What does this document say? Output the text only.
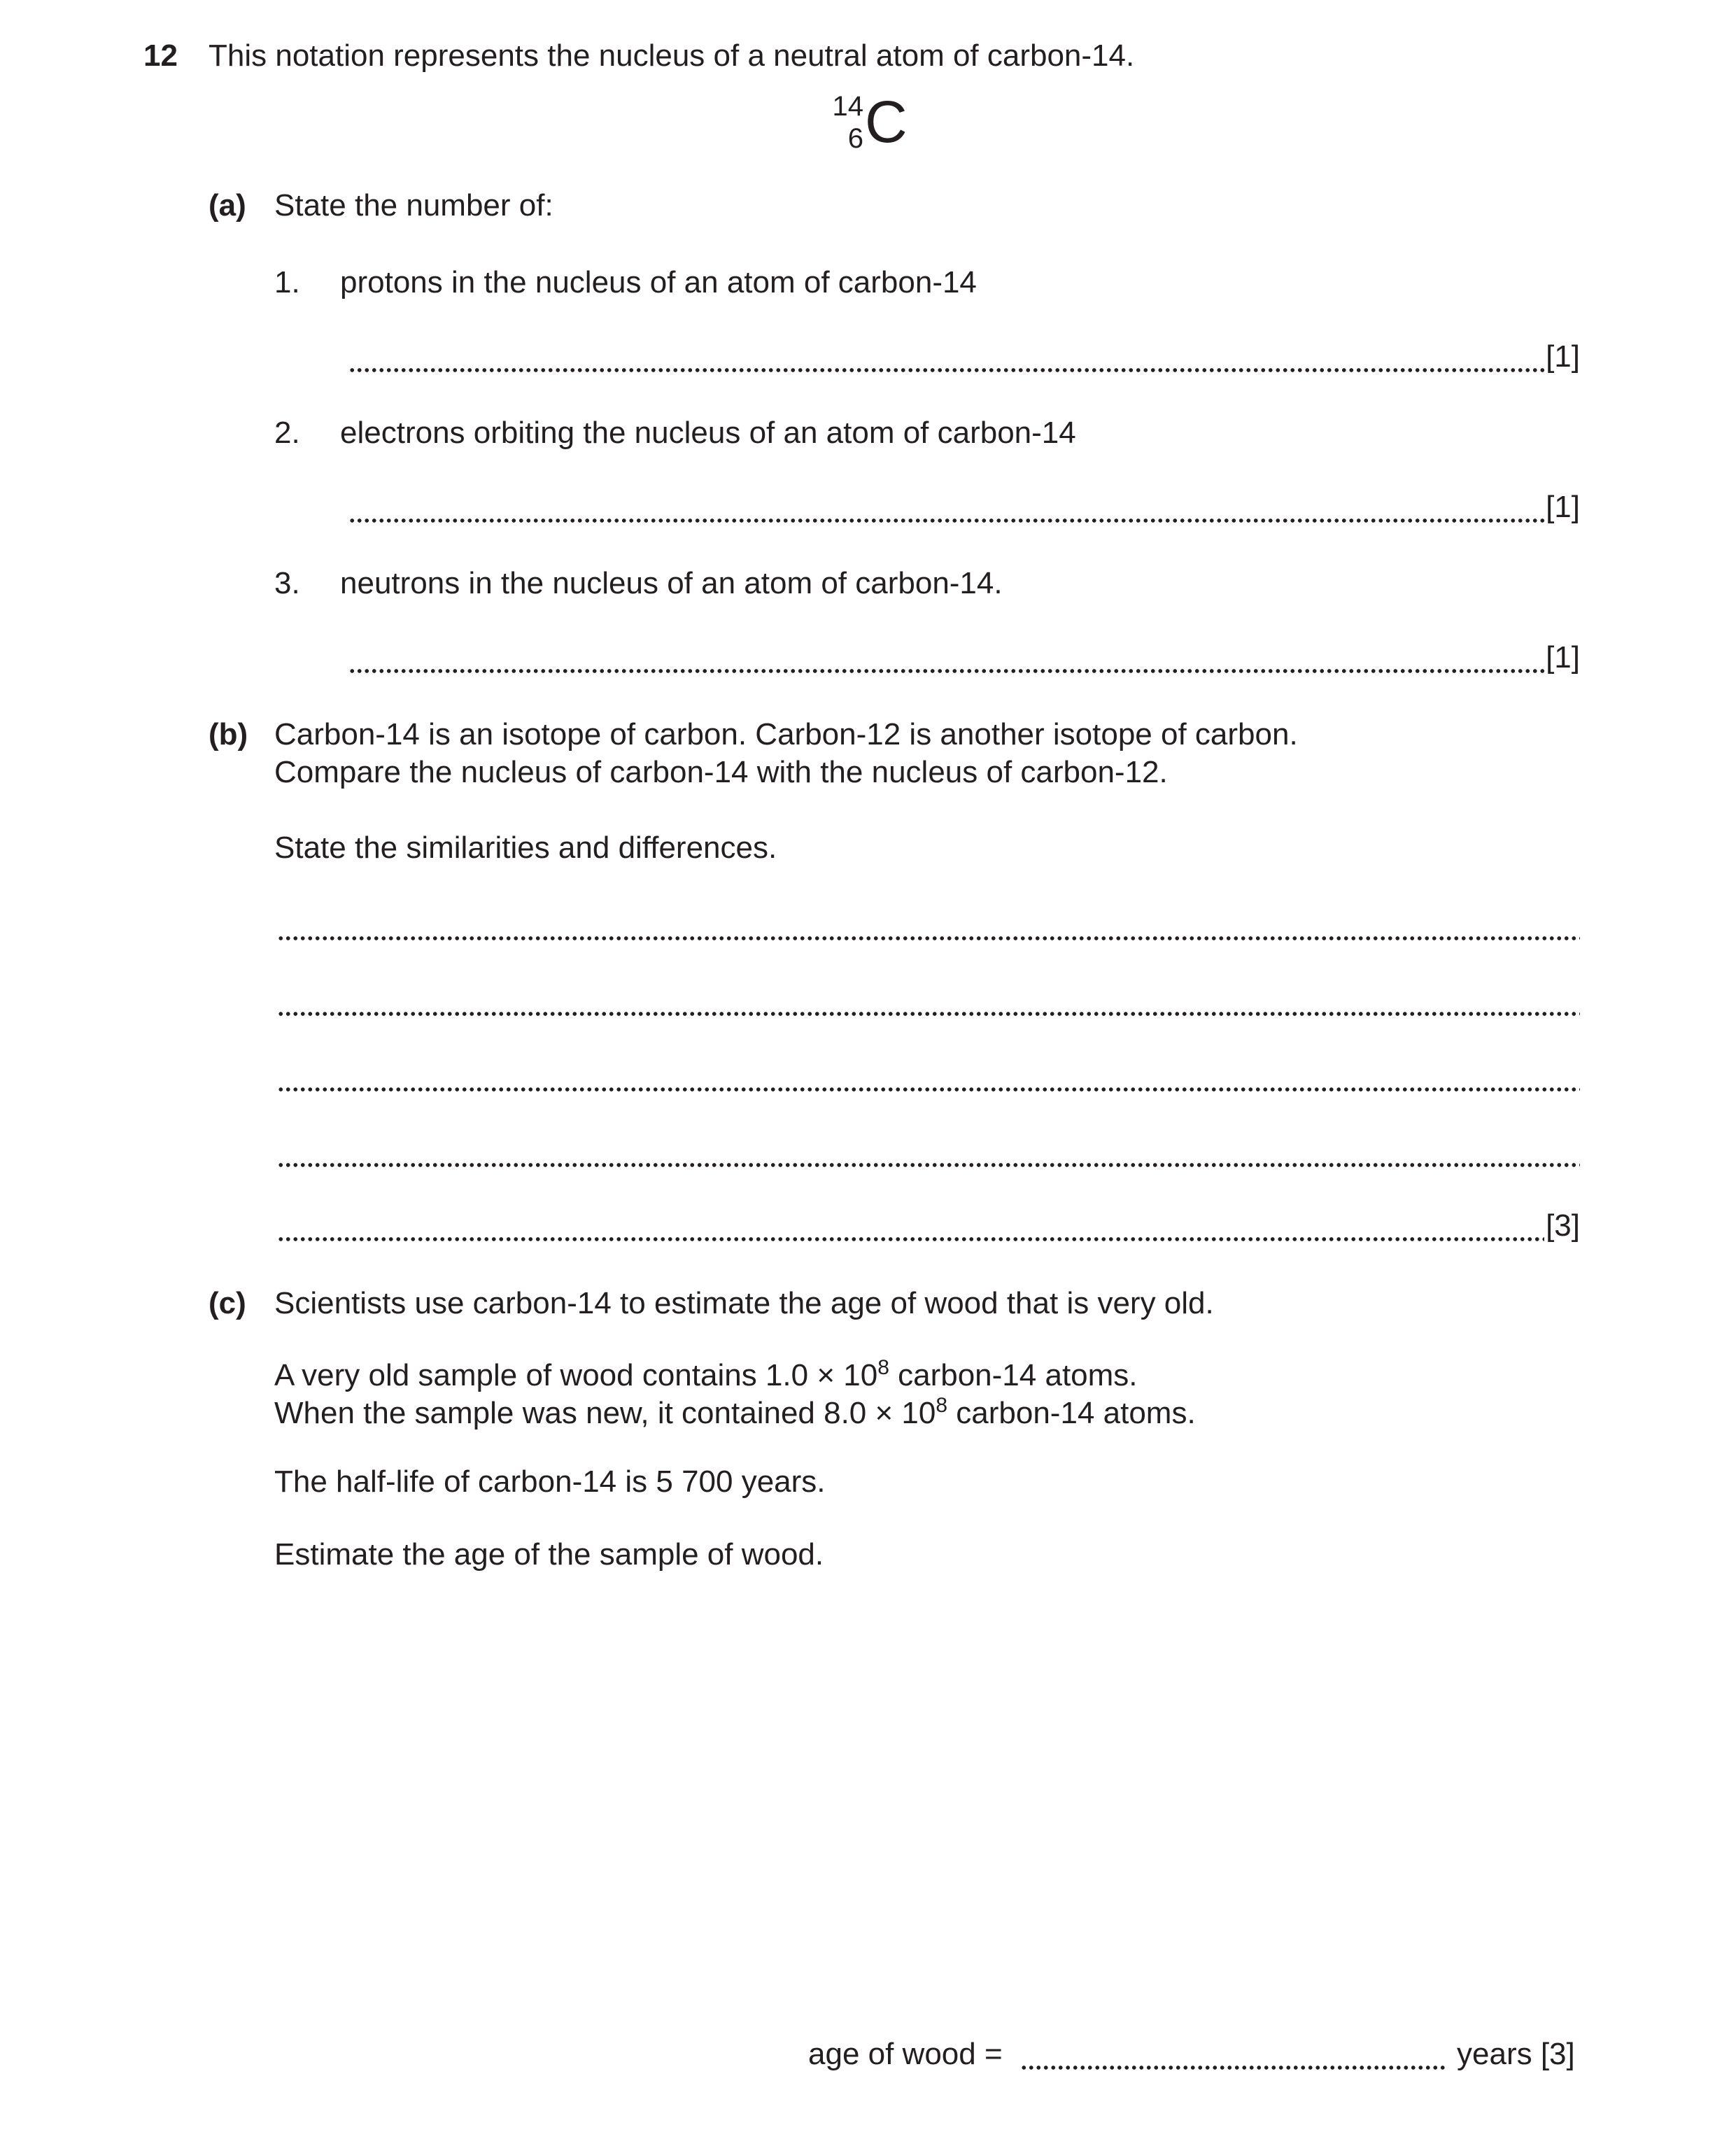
12 This notation represents the nucleus of a neutral atom of carbon-14.
14
6 C
(a) State the number of:
1. protons in the nucleus of an atom of carbon-14
[1]
2. electrons orbiting the nucleus of an atom of carbon-14
[1]
3. neutrons in the nucleus of an atom of carbon-14.
[1]
(b) Carbon-14 is an isotope of carbon. Carbon-12 is another isotope of carbon.
Compare the nucleus of carbon-14 with the nucleus of carbon-12.
State the similarities and differences.
[3]
(c) Scientists use carbon-14 to estimate the age of wood that is very old.
A very old sample of wood contains $1.0 \times 10^8$ carbon-14 atoms.
When the sample was new, it contained $8.0 \times 10^8$ carbon-14 atoms.
The half-life of carbon-14 is 5 700 years.
Estimate the age of the sample of wood.
age of wood =	years [3]
